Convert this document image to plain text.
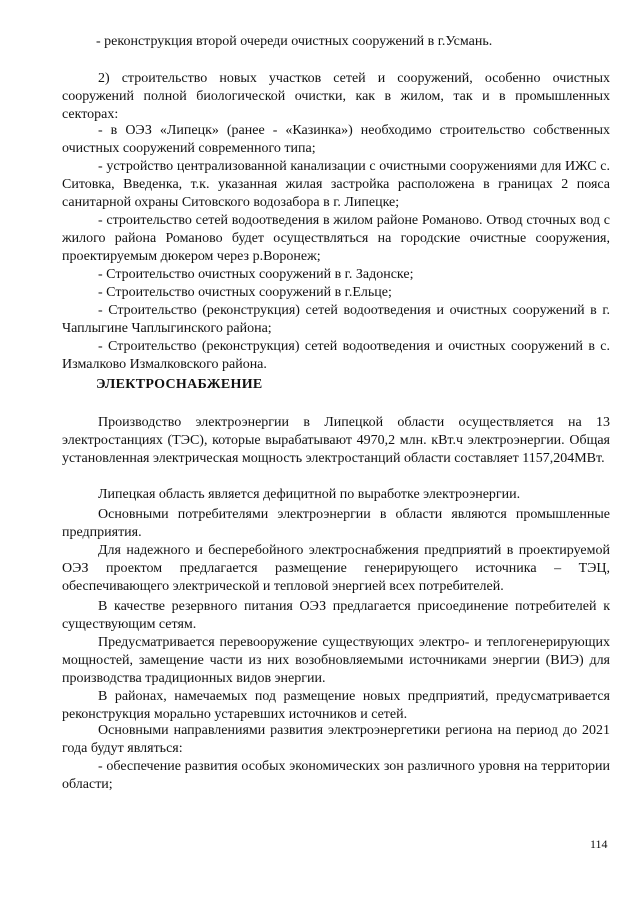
- реконструкция второй очереди очистных сооружений в г.Усмань.

2) строительство новых участков сетей и сооружений, особенно очистных сооружений полной биологической очистки, как в жилом, так и в промышленных секторах:

- в ОЭЗ «Липецк» (ранее - «Казинка») необходимо строительство собственных очистных сооружений современного типа;

- устройство централизованной канализации с очистными сооружениями для ИЖС с. Ситовка, Введенка, т.к. указанная жилая застройка расположена в границах 2 пояса санитарной охраны Ситовского водозабора в г. Липецке;

- строительство сетей водоотведения в жилом районе Романово. Отвод сточных вод с жилого района Романово будет осуществляться на городские очистные сооружения, проектируемым дюкером через р.Воронеж;

- Строительство очистных сооружений в г. Задонске;

- Строительство очистных сооружений в г.Ельце;

- Строительство (реконструкция) сетей водоотведения и очистных сооружений в г. Чаплыгине Чаплыгинского района;

- Строительство (реконструкция) сетей водоотведения и очистных сооружений в с. Измалково Измалковского района.

ЭЛЕКТРОСНАБЖЕНИЕ

Производство электроэнергии в Липецкой области осуществляется на 13 электростанциях (ТЭС), которые вырабатывают 4970,2 млн. кВт.ч электроэнергии. Общая установленная электрическая мощность электростанций области составляет 1157,204МВт.

Липецкая область является дефицитной по выработке электроэнергии.

Основными потребителями электроэнергии в области являются промышленные предприятия.

Для надежного и бесперебойного электроснабжения предприятий в проектируемой ОЭЗ проектом предлагается размещение генерирующего источника – ТЭЦ, обеспечивающего электрической и тепловой энергией всех потребителей.

В качестве резервного питания ОЭЗ предлагается присоединение потребителей к существующим сетям.

Предусматривается перевооружение существующих электро- и теплогенерирующих мощностей, замещение части из них возобновляемыми источниками энергии (ВИЭ) для производства традиционных видов энергии.

В районах, намечаемых под размещение новых предприятий, предусматривается реконструкция морально устаревших источников и сетей.

Основными направлениями развития электроэнергетики региона на период до 2021 года будут являться:

- обеспечение развития особых экономических зон различного уровня на территории области;

114
